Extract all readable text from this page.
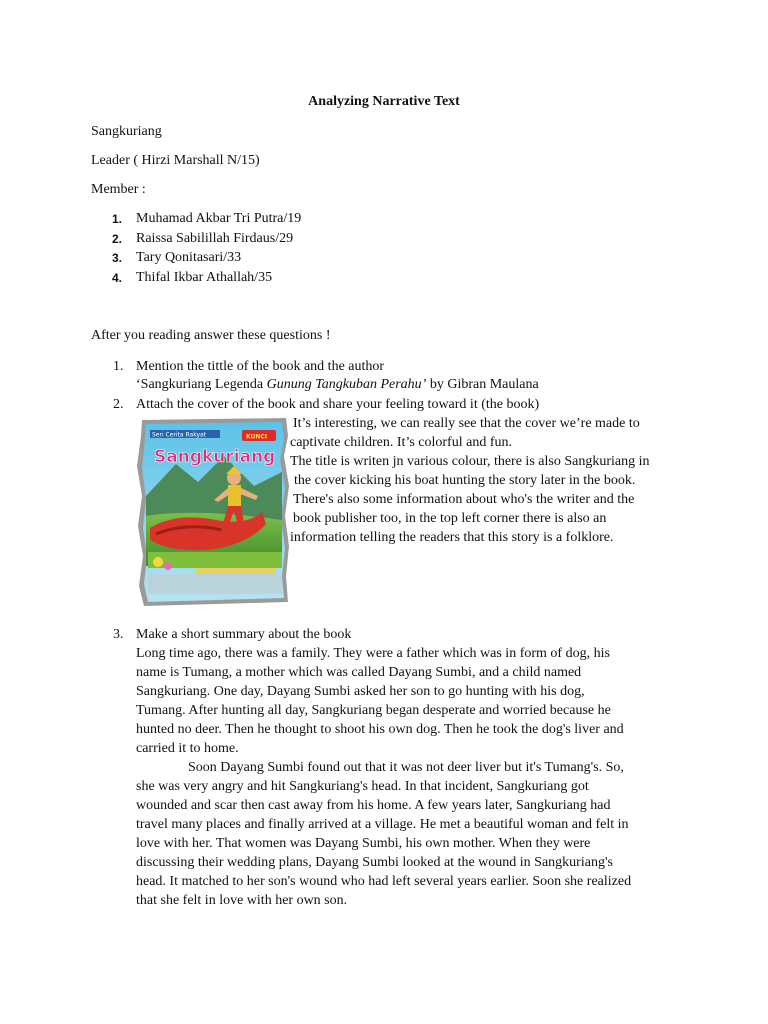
Analyzing Narrative Text
Sangkuriang
Leader ( Hirzi Marshall N/15)
Member :
1. Muhamad Akbar Tri Putra/19
2. Raissa Sabilillah Firdaus/29
3. Tary Qonitasari/33
4. Thifal Ikbar Athallah/35
After you reading answer these questions !
1. Mention the tittle of the book and the author
‘Sangkuriang Legenda Gunung Tangkuban Perahu’ by Gibran Maulana
2. Attach the cover of the book and share your feeling toward it (the book)
Seri Cerita Rakyat	KUNCI
Sangkuriang
It’s interesting, we can really see that the cover we’re made to
captivate children. It’s colorful and fun.
The title is writen jn various colour, there is also Sangkuriang in
the cover kicking his boat hunting the story later in the book.
There's also some information about who's the writer and the
book publisher too, in the top left corner there is also an
information telling the readers that this story is a folklore.
3. Make a short summary about the book
Long time ago, there was a family. They were a father which was in form of dog, his
name is Tumang, a mother which was called Dayang Sumbi, and a child named
Sangkuriang. One day, Dayang Sumbi asked her son to go hunting with his dog,
Tumang. After hunting all day, Sangkuriang began desperate and worried because he
hunted no deer. Then he thought to shoot his own dog. Then he took the dog's liver and
carried it to home.
Soon Dayang Sumbi found out that it was not deer liver but it's Tumang's. So,
she was very angry and hit Sangkuriang's head. In that incident, Sangkuriang got
wounded and scar then cast away from his home. A few years later, Sangkuriang had
travel many places and finally arrived at a village. He met a beautiful woman and felt in
love with her. That women was Dayang Sumbi, his own mother. When they were
discussing their wedding plans, Dayang Sumbi looked at the wound in Sangkuriang's
head. It matched to her son's wound who had left several years earlier. Soon she realized
that she felt in love with her own son.
